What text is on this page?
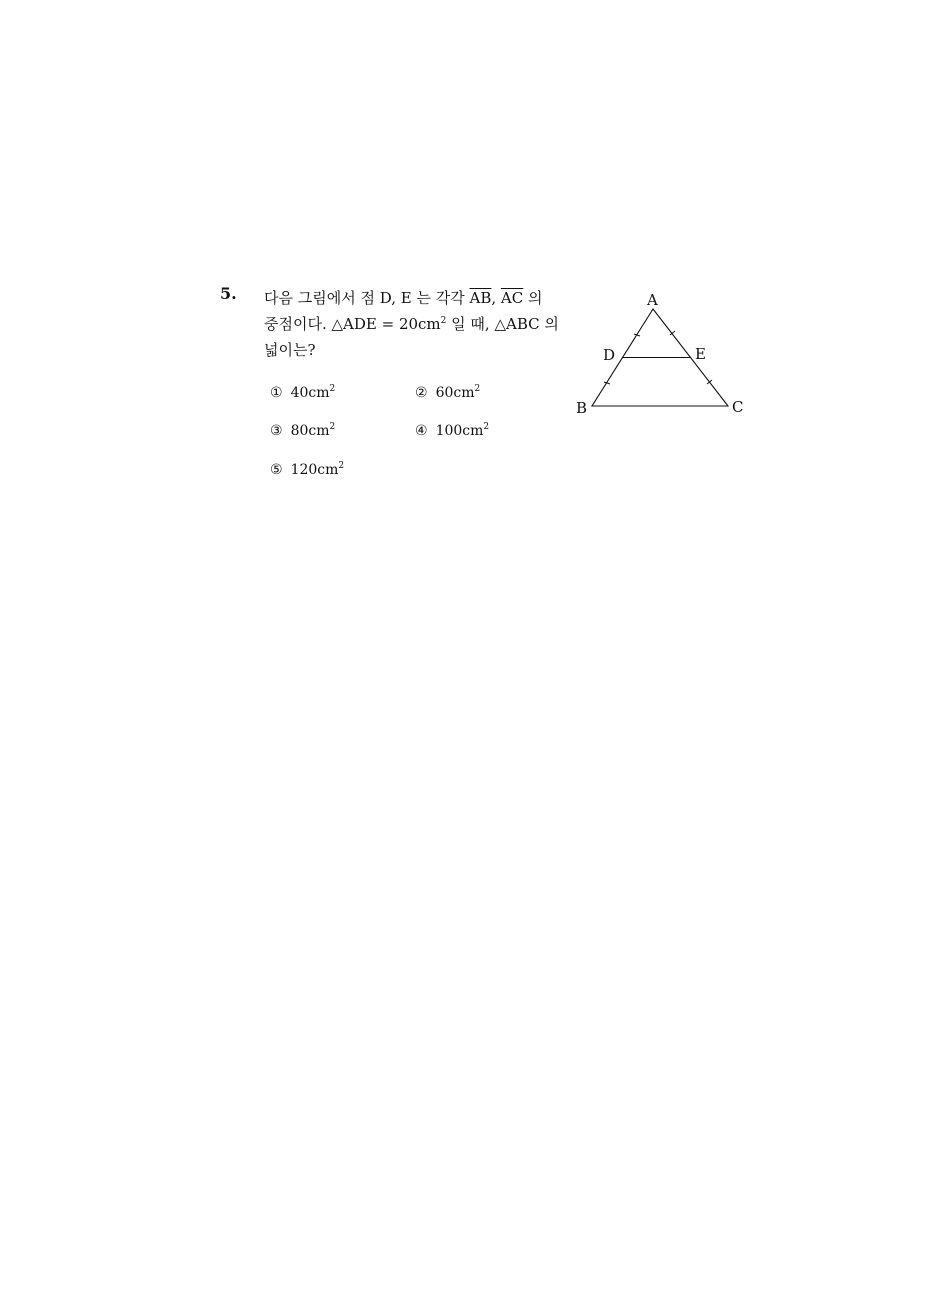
5. 다음 그림에서 점 D, E 는 각각 $\overline{AB}$, $\overline{AC}$ 의
중점이다. △ADE = $20cm^2$ 일 때, △ABC 의
넓이는?
① $40cm^2$	② $60cm^2$
③ $80cm^2$	④ $100cm^2$
⑤ $120cm^2$
A
D	E
B	C
